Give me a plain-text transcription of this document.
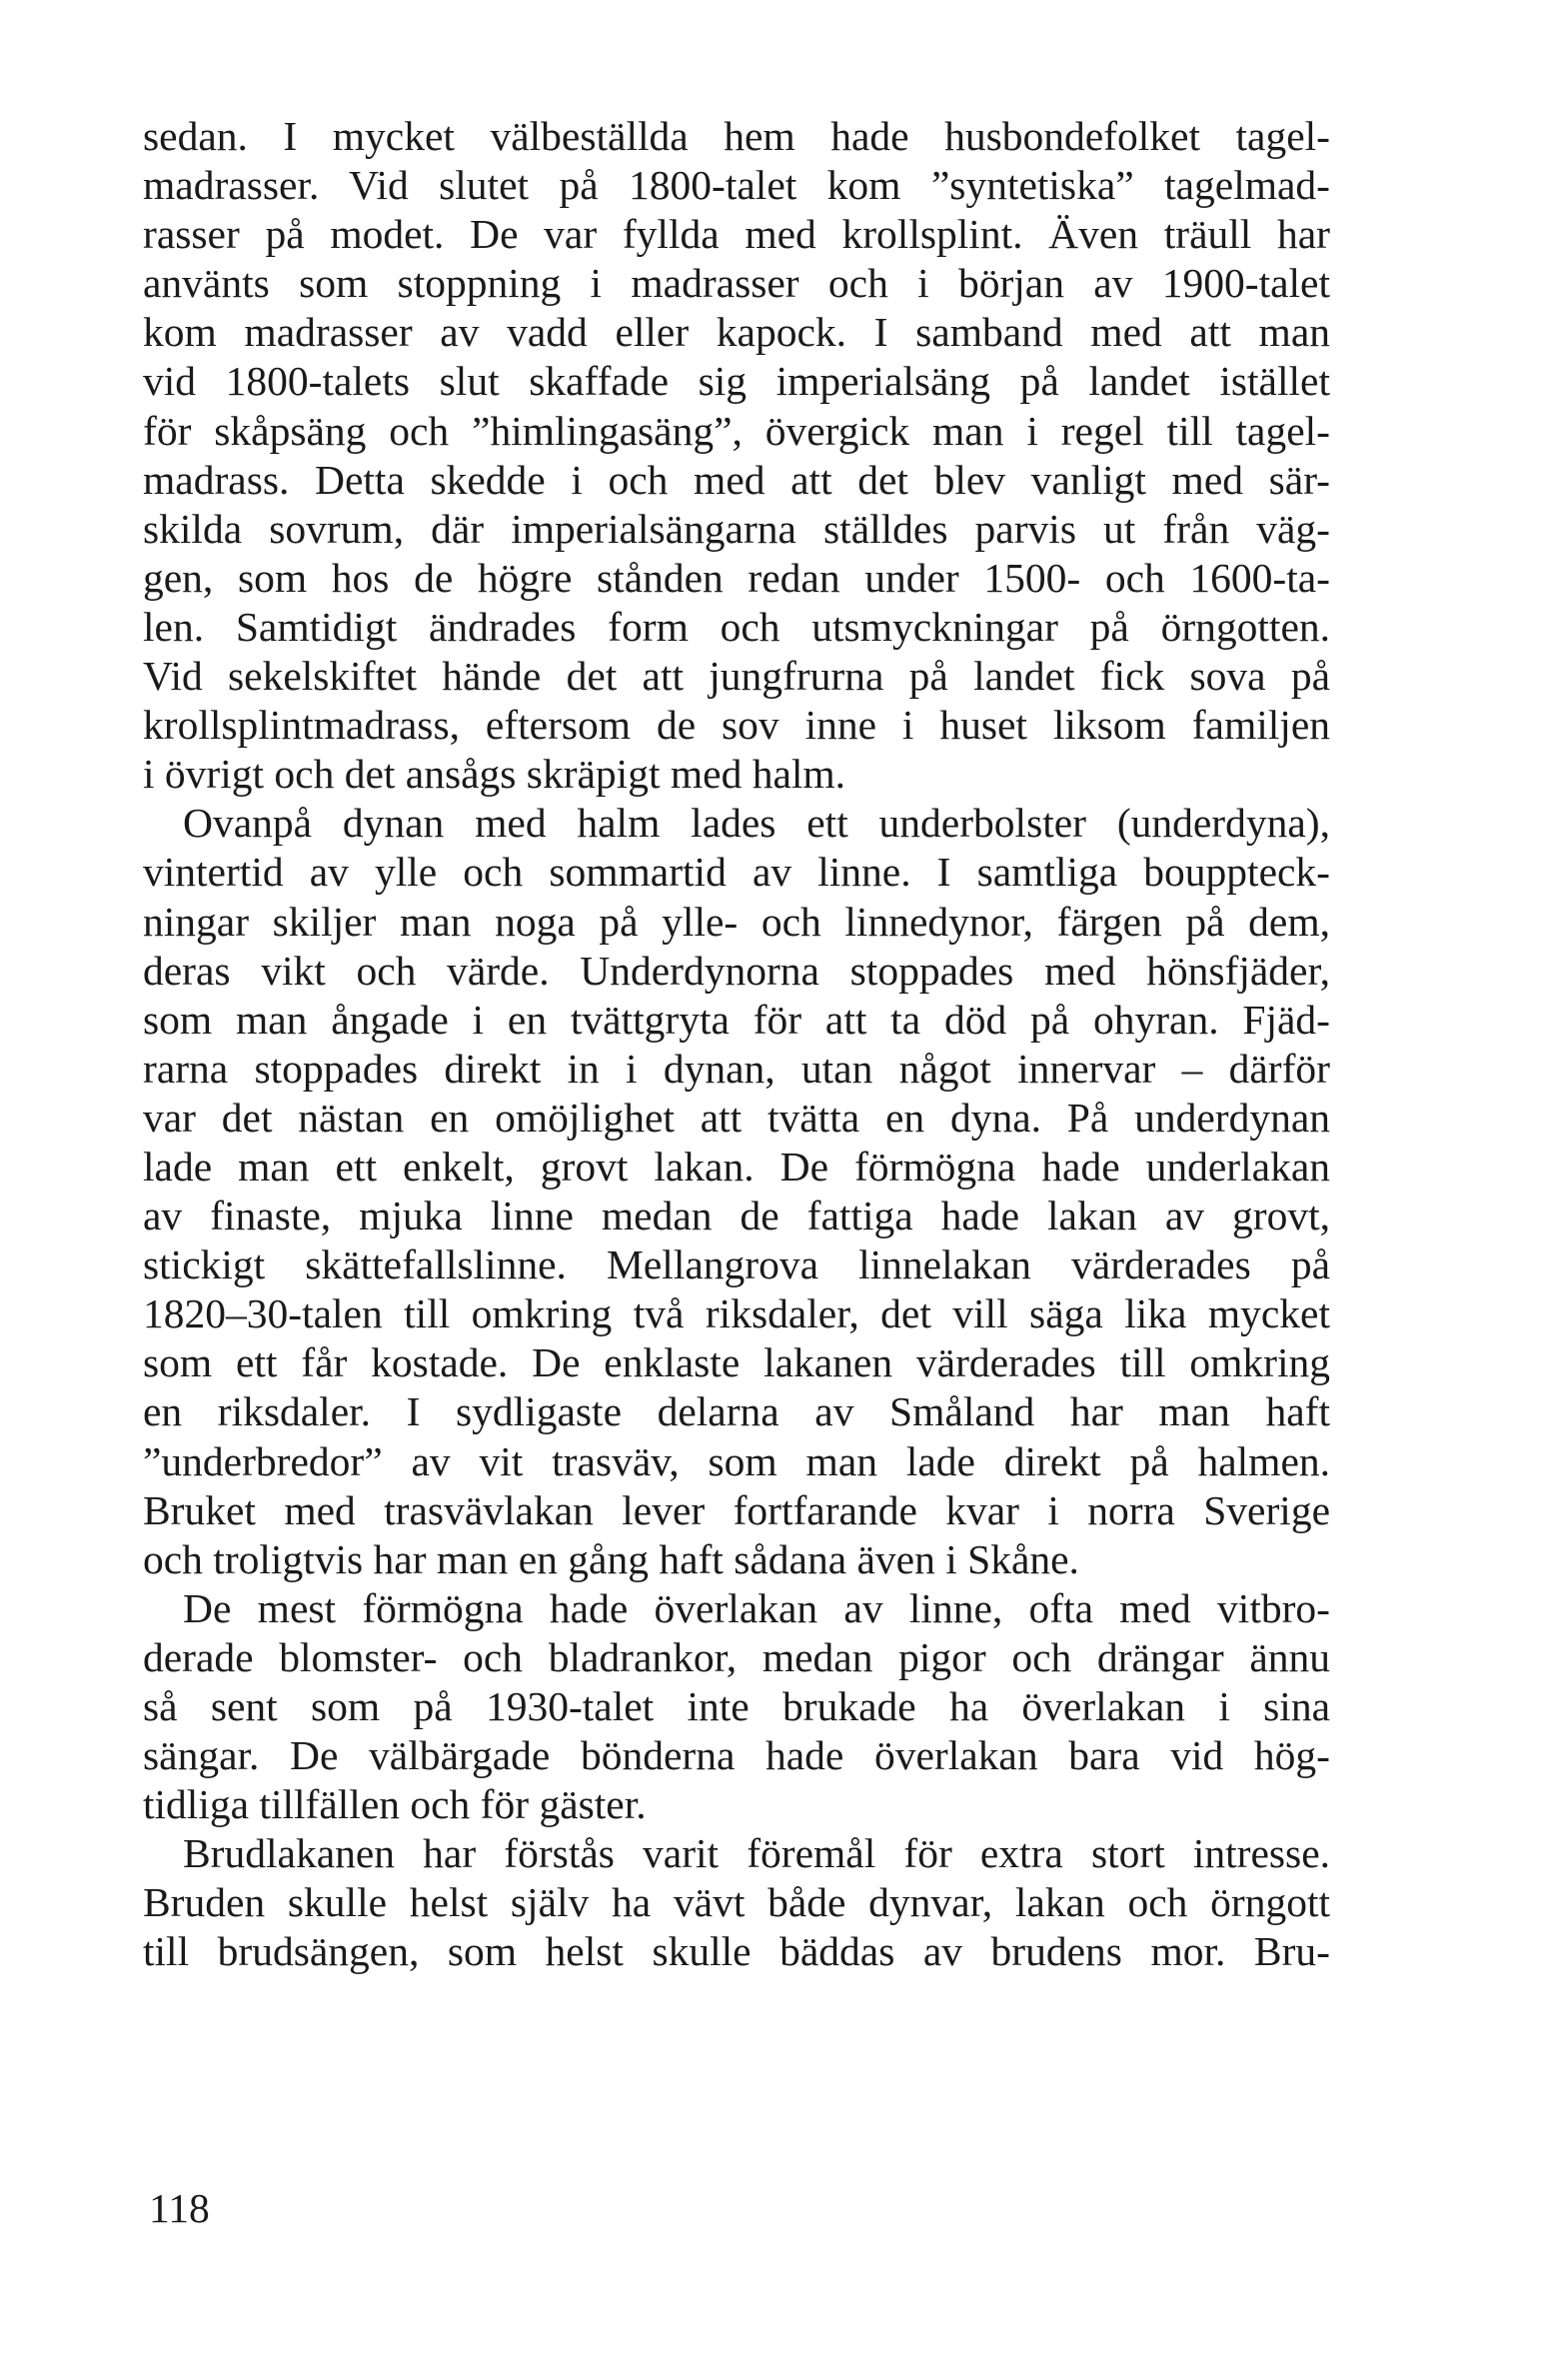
sedan. I mycket välbeställda hem hade husbondefolket tagel-
madrasser. Vid slutet på 1800-talet kom ”syntetiska” tagelmad-
rasser på modet. De var fyllda med krollsplint. Även träull har
använts som stoppning i madrasser och i början av 1900-talet
kom madrasser av vadd eller kapock. I samband med att man
vid 1800-talets slut skaffade sig imperialsäng på landet istället
för skåpsäng och ”himlingasäng”, övergick man i regel till tagel-
madrass. Detta skedde i och med att det blev vanligt med sär-
skilda sovrum, där imperialsängarna ställdes parvis ut från väg-
gen, som hos de högre stånden redan under 1500- och 1600-ta-
len. Samtidigt ändrades form och utsmyckningar på örngotten.
Vid sekelskiftet hände det att jungfrurna på landet fick sova på
krollsplintmadrass, eftersom de sov inne i huset liksom familjen
i övrigt och det ansågs skräpigt med halm.
Ovanpå dynan med halm lades ett underbolster (underdyna),
vintertid av ylle och sommartid av linne. I samtliga bouppteck-
ningar skiljer man noga på ylle- och linnedynor, färgen på dem,
deras vikt och värde. Underdynorna stoppades med hönsfjäder,
som man ångade i en tvättgryta för att ta död på ohyran. Fjäd-
rarna stoppades direkt in i dynan, utan något innervar – därför
var det nästan en omöjlighet att tvätta en dyna. På underdynan
lade man ett enkelt, grovt lakan. De förmögna hade underlakan
av finaste, mjuka linne medan de fattiga hade lakan av grovt,
stickigt skättefallslinne. Mellangrova linnelakan värderades på
1820–30-talen till omkring två riksdaler, det vill säga lika mycket
som ett får kostade. De enklaste lakanen värderades till omkring
en riksdaler. I sydligaste delarna av Småland har man haft
”underbredor” av vit trasväv, som man lade direkt på halmen.
Bruket med trasvävlakan lever fortfarande kvar i norra Sverige
och troligtvis har man en gång haft sådana även i Skåne.
De mest förmögna hade överlakan av linne, ofta med vitbro-
derade blomster- och bladrankor, medan pigor och drängar ännu
så sent som på 1930-talet inte brukade ha överlakan i sina
sängar. De välbärgade bönderna hade överlakan bara vid hög-
tidliga tillfällen och för gäster.
Brudlakanen har förstås varit föremål för extra stort intresse.
Bruden skulle helst själv ha vävt både dynvar, lakan och örngott
till brudsängen, som helst skulle bäddas av brudens mor. Bru-
118
